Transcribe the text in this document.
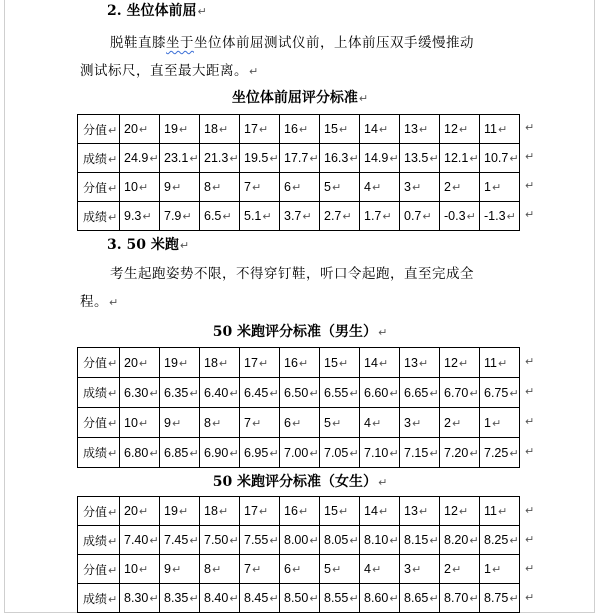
2. 坐位体前屈↵
脱鞋直膝坐于坐位体前屈测试仪前，上体前压双手缓慢推动
测试标尺，直至最大距离。↵
坐位体前屈评分标准↵
分值↵	20↵	19↵	18↵	17↵	16↵	15↵	14↵	13↵	12↵	11↵
成绩↵	24.9↵	23.1↵	21.3↵	19.5↵	17.7↵	16.3↵	14.9↵	13.5↵	12.1↵	10.7↵
分值↵	10↵	9↵	8↵	7↵	6↵	5↵	4↵	3↵	2↵	1↵
成绩↵	9.3↵	7.9↵	6.5↵	5.1↵	3.7↵	2.7↵	1.7↵	0.7↵	-0.3↵	-1.3↵
↵
↵
↵
↵
3. 50 米跑↵
考生起跑姿势不限，不得穿钉鞋，听口令起跑，直至完成全
程。↵
50 米跑评分标准（男生）↵
分值↵	20↵	19↵	18↵	17↵	16↵	15↵	14↵	13↵	12↵	11↵
成绩↵	6.30↵	6.35↵	6.40↵	6.45↵	6.50↵	6.55↵	6.60↵	6.65↵	6.70↵	6.75↵
分值↵	10↵	9↵	8↵	7↵	6↵	5↵	4↵	3↵	2↵	1↵
成绩↵	6.80↵	6.85↵	6.90↵	6.95↵	7.00↵	7.05↵	7.10↵	7.15↵	7.20↵	7.25↵
↵
↵
↵
↵
50 米跑评分标准（女生）↵
分值↵	20↵	19↵	18↵	17↵	16↵	15↵	14↵	13↵	12↵	11↵
成绩↵	7.40↵	7.45↵	7.50↵	7.55↵	8.00↵	8.05↵	8.10↵	8.15↵	8.20↵	8.25↵
分值↵	10↵	9↵	8↵	7↵	6↵	5↵	4↵	3↵	2↵	1↵
成绩↵	8.30↵	8.35↵	8.40↵	8.45↵	8.50↵	8.55↵	8.60↵	8.65↵	8.70↵	8.75↵
↵
↵
↵
↵
